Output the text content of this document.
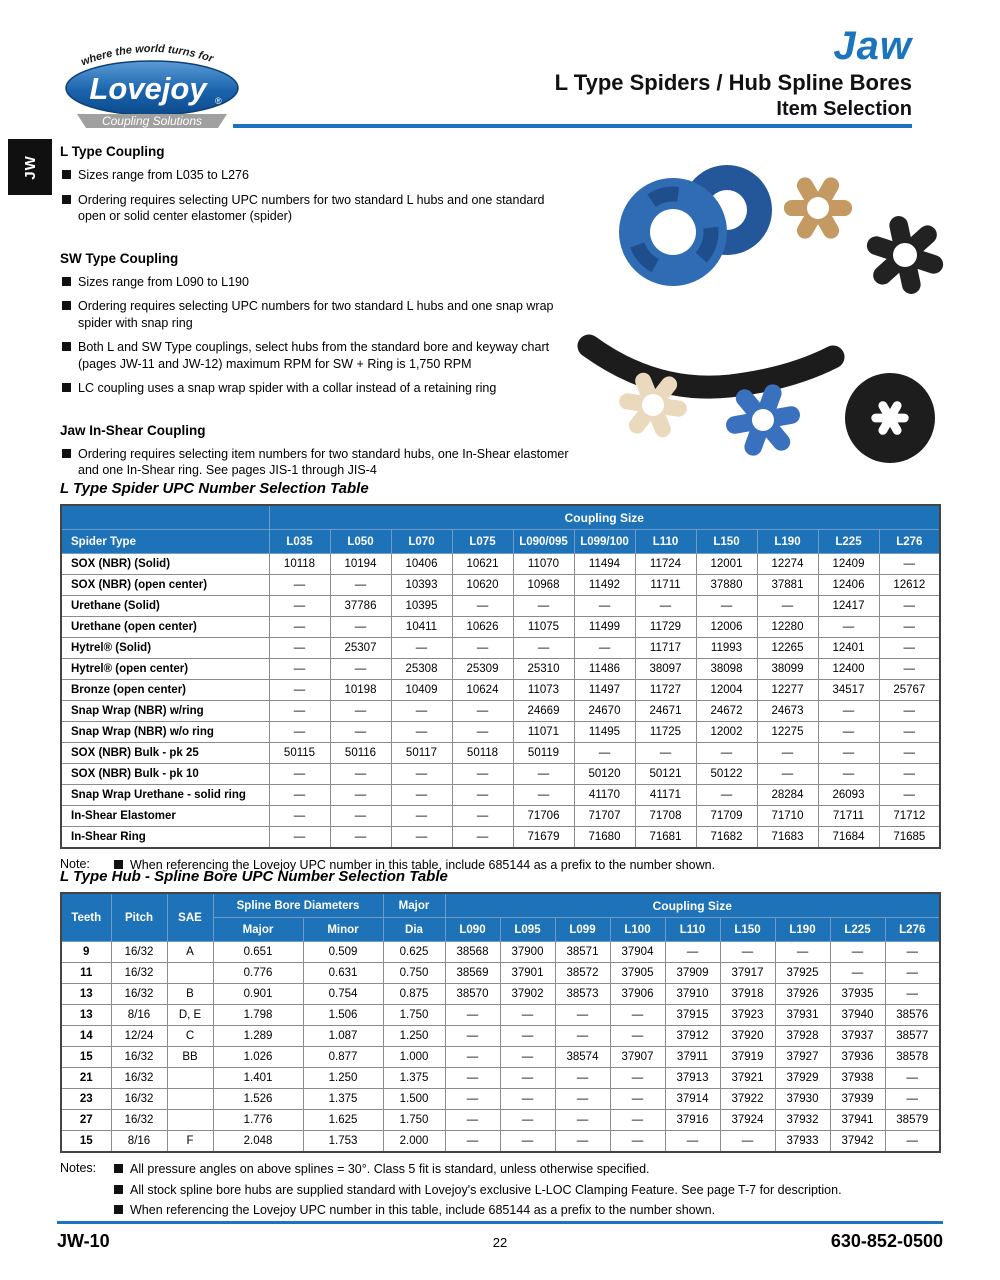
where the world turns for
Lovejoy ®
Coupling Solutions
Jaw
L Type Spiders / Hub Spline Bores
Item Selection
JW
L Type Coupling
Sizes range from L035 to L276
Ordering requires selecting UPC numbers for two standard L hubs and one standard open or solid center elastomer (spider)
SW Type Coupling
Sizes range from L090 to L190
Ordering requires selecting UPC numbers for two standard L hubs and one snap wrap spider with snap ring
Both L and SW Type couplings, select hubs from the standard bore and keyway chart (pages JW-11 and JW-12) maximum RPM for SW + Ring is 1,750 RPM
LC coupling uses a snap wrap spider with a collar instead of a retaining ring
Jaw In-Shear Coupling
Ordering requires selecting item numbers for two standard hubs, one In-Shear elastomer and one In-Shear ring. See pages JIS-1 through JIS-4
L Type Spider UPC Number Selection Table
	Coupling Size										
Spider Type	L035	L050	L070	L075	L090/095	L099/100	L110	L150	L190	L225	L276
SOX (NBR) (Solid)	10118	10194	10406	10621	11070	11494	11724	12001	12274	12409	—
SOX (NBR) (open center)	—	—	10393	10620	10968	11492	11711	37880	37881	12406	12612
Urethane (Solid)	—	37786	10395	—	—	—	—	—	—	12417	—
Urethane (open center)	—	—	10411	10626	11075	11499	11729	12006	12280	—	—
Hytrel® (Solid)	—	25307	—	—	—	—	11717	11993	12265	12401	—
Hytrel® (open center)	—	—	25308	25309	25310	11486	38097	38098	38099	12400	—
Bronze (open center)	—	10198	10409	10624	11073	11497	11727	12004	12277	34517	25767
Snap Wrap (NBR) w/ring	—	—	—	—	24669	24670	24671	24672	24673	—	—
Snap Wrap (NBR) w/o ring	—	—	—	—	11071	11495	11725	12002	12275	—	—
SOX (NBR) Bulk - pk 25	50115	50116	50117	50118	50119	—	—	—	—	—	—
SOX (NBR) Bulk - pk 10	—	—	—	—	—	50120	50121	50122	—	—	—
Snap Wrap Urethane - solid ring	—	—	—	—	—	41170	41171	—	28284	26093	—
In-Shear Elastomer	—	—	—	—	71706	71707	71708	71709	71710	71711	71712
In-Shear Ring	—	—	—	—	71679	71680	71681	71682	71683	71684	71685
Note:	When referencing the Lovejoy UPC number in this table, include 685144 as a prefix to the number shown.
L Type Hub - Spline Bore UPC Number Selection Table
Teeth	Pitch	SAE	Spline Bore Diameters		Major	Coupling Size								
			Major	Minor	Dia	L090	L095	L099	L100	L110	L150	L190	L225	L276
9	16/32	A	0.651	0.509	0.625	38568	37900	38571	37904	—	—	—	—	—
11	16/32		0.776	0.631	0.750	38569	37901	38572	37905	37909	37917	37925	—	—
13	16/32	B	0.901	0.754	0.875	38570	37902	38573	37906	37910	37918	37926	37935	—
13	8/16	D, E	1.798	1.506	1.750	—	—	—	—	37915	37923	37931	37940	38576
14	12/24	C	1.289	1.087	1.250	—	—	—	—	37912	37920	37928	37937	38577
15	16/32	BB	1.026	0.877	1.000	—	—	38574	37907	37911	37919	37927	37936	38578
21	16/32		1.401	1.250	1.375	—	—	—	—	37913	37921	37929	37938	—
23	16/32		1.526	1.375	1.500	—	—	—	—	37914	37922	37930	37939	—
27	16/32		1.776	1.625	1.750	—	—	—	—	37916	37924	37932	37941	38579
15	8/16	F	2.048	1.753	2.000	—	—	—	—	—	—	37933	37942	—
Notes:	All pressure angles on above splines = 30°. Class 5 fit is standard, unless otherwise specified.
All stock spline bore hubs are supplied standard with Lovejoy's exclusive L-LOC Clamping Feature. See page T-7 for description.
When referencing the Lovejoy UPC number in this table, include 685144 as a prefix to the number shown.
JW-10	22	630-852-0500
